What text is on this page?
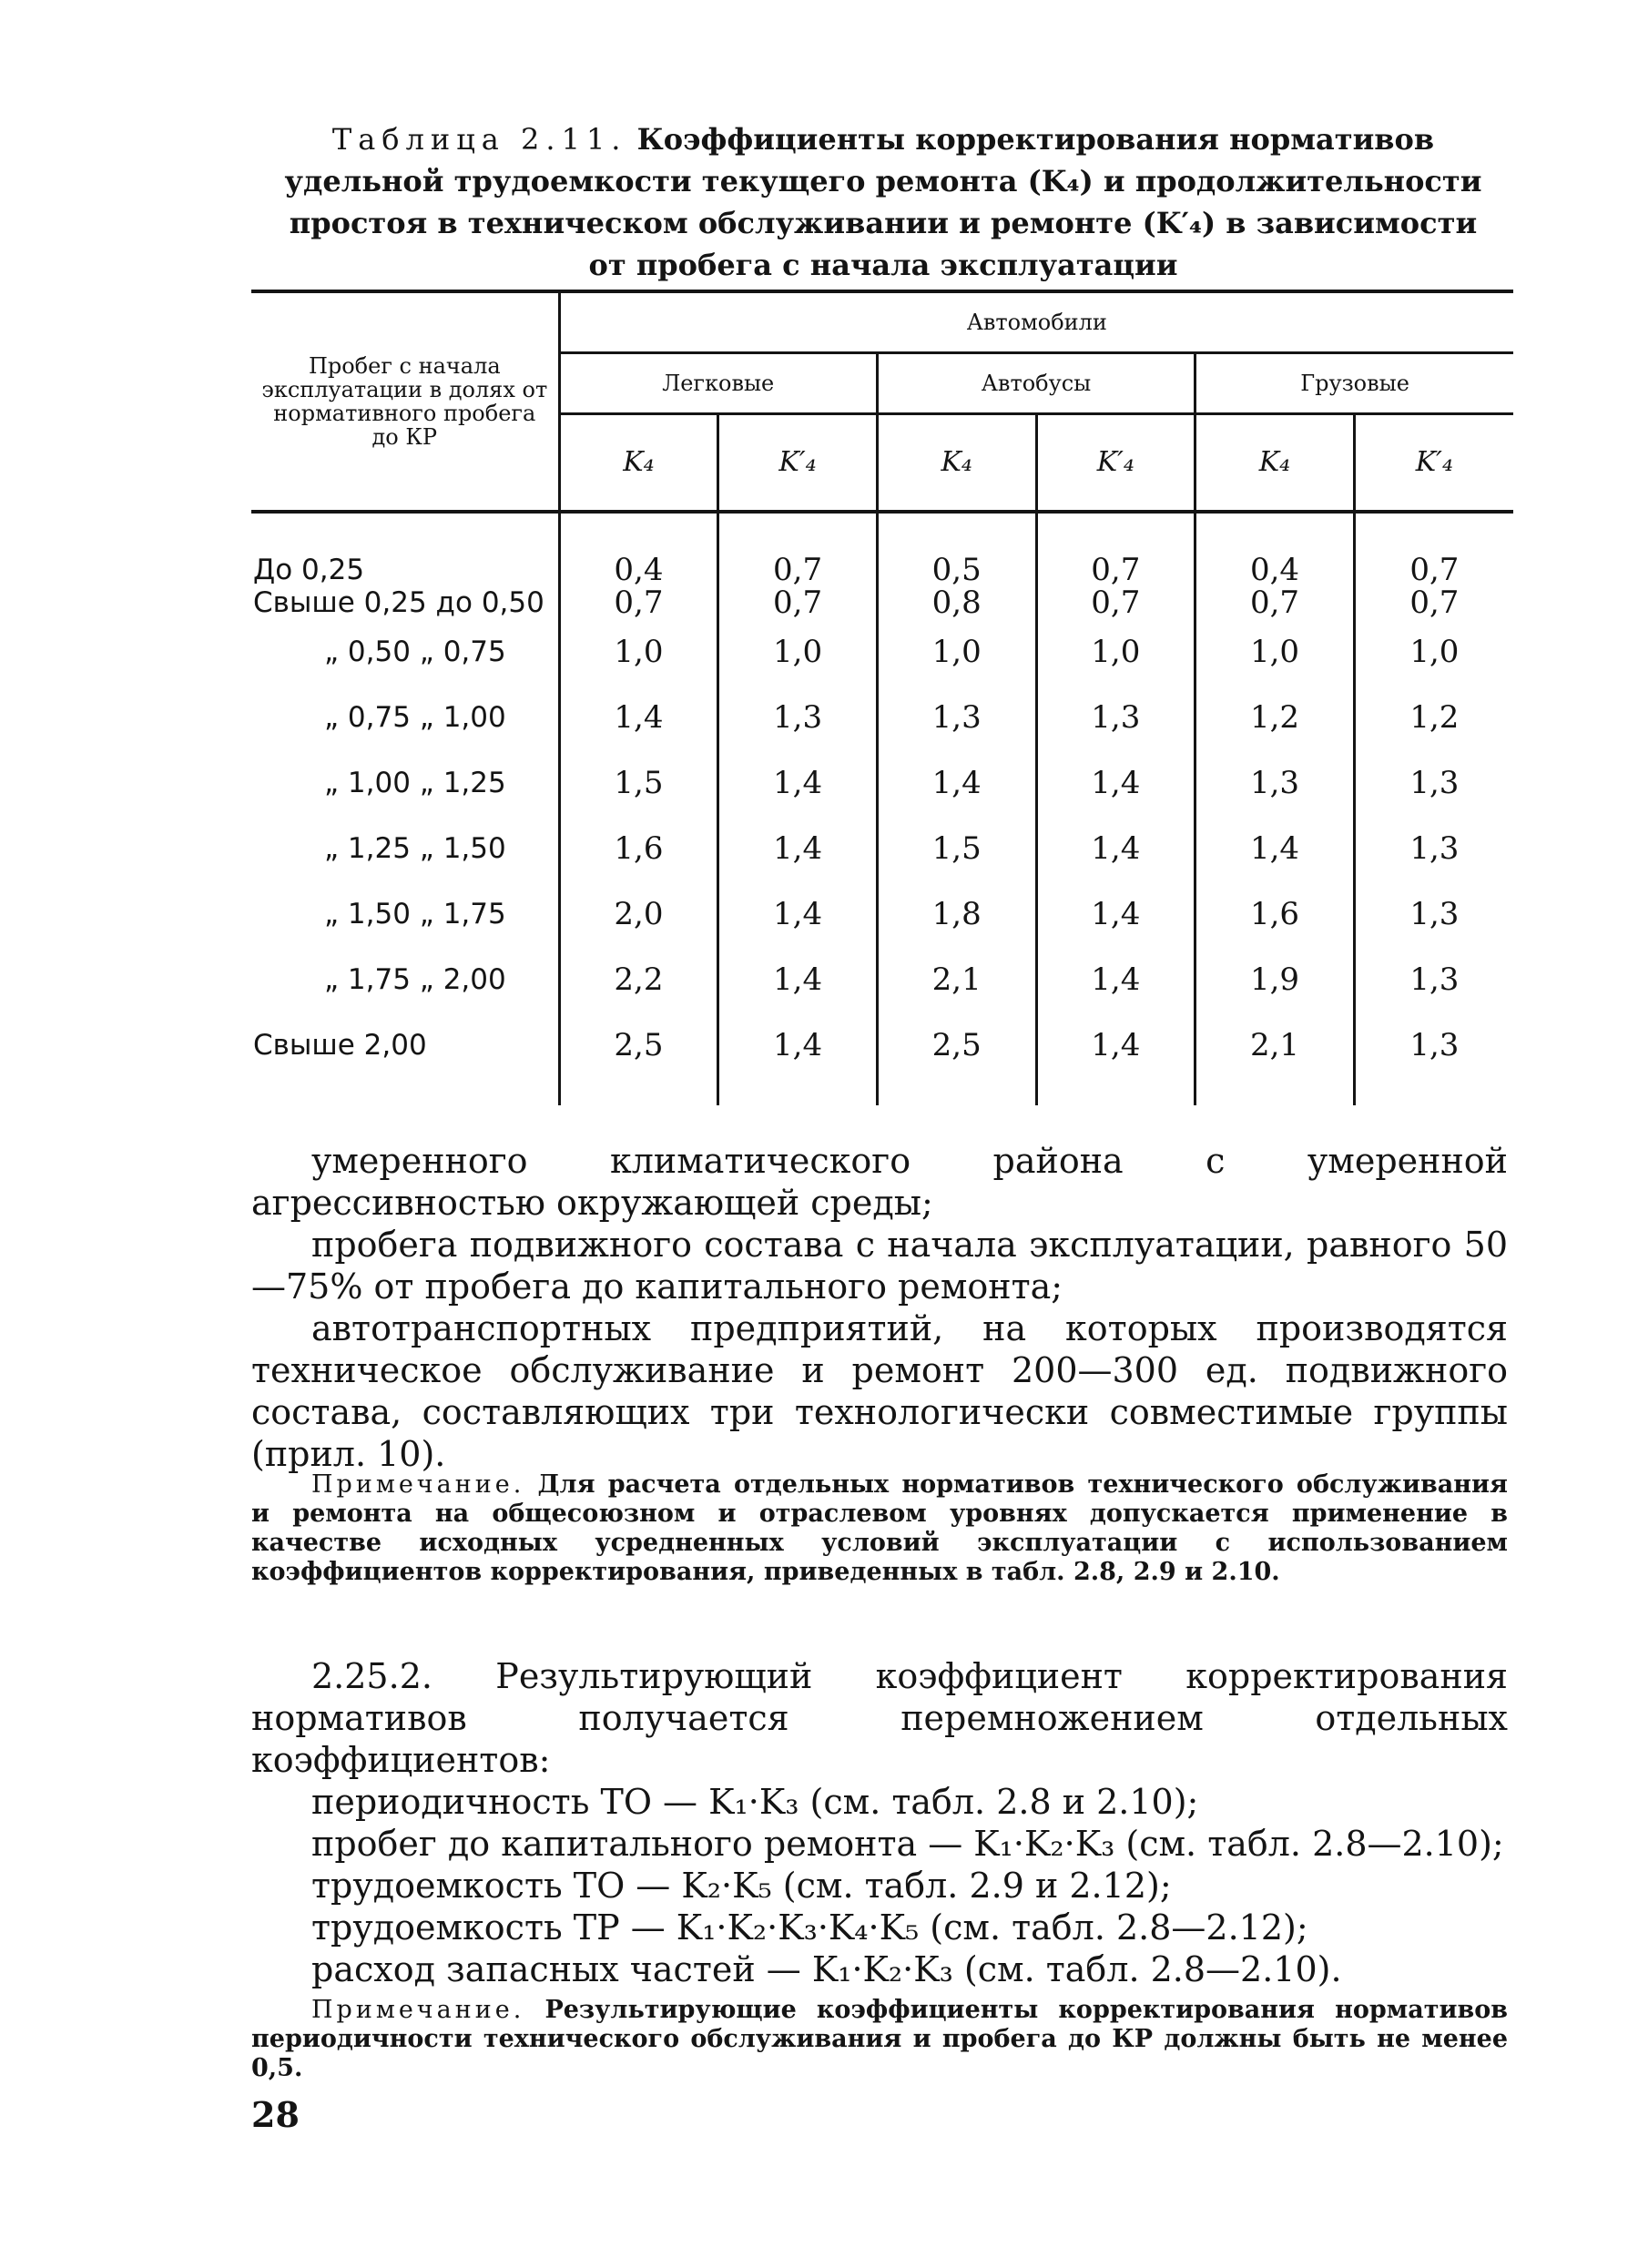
Таблица 2.11. Коэффициенты корректирования нормативов удельной трудоемкости текущего ремонта (K₄) и продолжительности простоя в техническом обслуживании и ремонте (K′₄) в зависимости от пробега с начала эксплуатации
Пробег с начала эксплуатации в долях от нормативного пробега до КР	Автомобили					
	Легковые		Автобусы		Грузовые	
	K₄	K′₄	K₄	K′₄	K₄	K′₄
До 0,25	0,4	0,7	0,5	0,7	0,4	0,7
Свыше 0,25 до 0,50	0,7	0,7	0,8	0,7	0,7	0,7
„ 0,50 „ 0,75	1,0	1,0	1,0	1,0	1,0	1,0
„ 0,75 „ 1,00	1,4	1,3	1,3	1,3	1,2	1,2
„ 1,00 „ 1,25	1,5	1,4	1,4	1,4	1,3	1,3
„ 1,25 „ 1,50	1,6	1,4	1,5	1,4	1,4	1,3
„ 1,50 „ 1,75	2,0	1,4	1,8	1,4	1,6	1,3
„ 1,75 „ 2,00	2,2	1,4	2,1	1,4	1,9	1,3
Свыше 2,00	2,5	1,4	2,5	1,4	2,1	1,3

умеренного климатического района с умеренной агрессивностью окружающей среды;

пробега подвижного состава с начала эксплуатации, равного 50—75% от пробега до капитального ремонта;

автотранспортных предприятий, на которых производятся техническое обслуживание и ремонт 200—300 ед. подвижного состава, составляющих три технологически совместимые группы (прил. 10).

Примечание. Для расчета отдельных нормативов технического обслуживания и ремонта на общесоюзном и отраслевом уровнях допускается применение в качестве исходных усредненных условий эксплуатации с использованием коэффициентов корректирования, приведенных в табл. 2.8, 2.9 и 2.10.

2.25.2. Результирующий коэффициент корректирования нормативов получается перемножением отдельных коэффициентов:

периодичность ТО — K₁·K₃ (см. табл. 2.8 и 2.10);

пробег до капитального ремонта — K₁·K₂·K₃ (см. табл. 2.8—2.10);

трудоемкость ТО — K₂·K₅ (см. табл. 2.9 и 2.12);

трудоемкость ТР — K₁·K₂·K₃·K₄·K₅ (см. табл. 2.8—2.12);

расход запасных частей — K₁·K₂·K₃ (см. табл. 2.8—2.10).

Примечание. Результирующие коэффициенты корректирования нормативов периодичности технического обслуживания и пробега до КР должны быть не менее 0,5.
28
